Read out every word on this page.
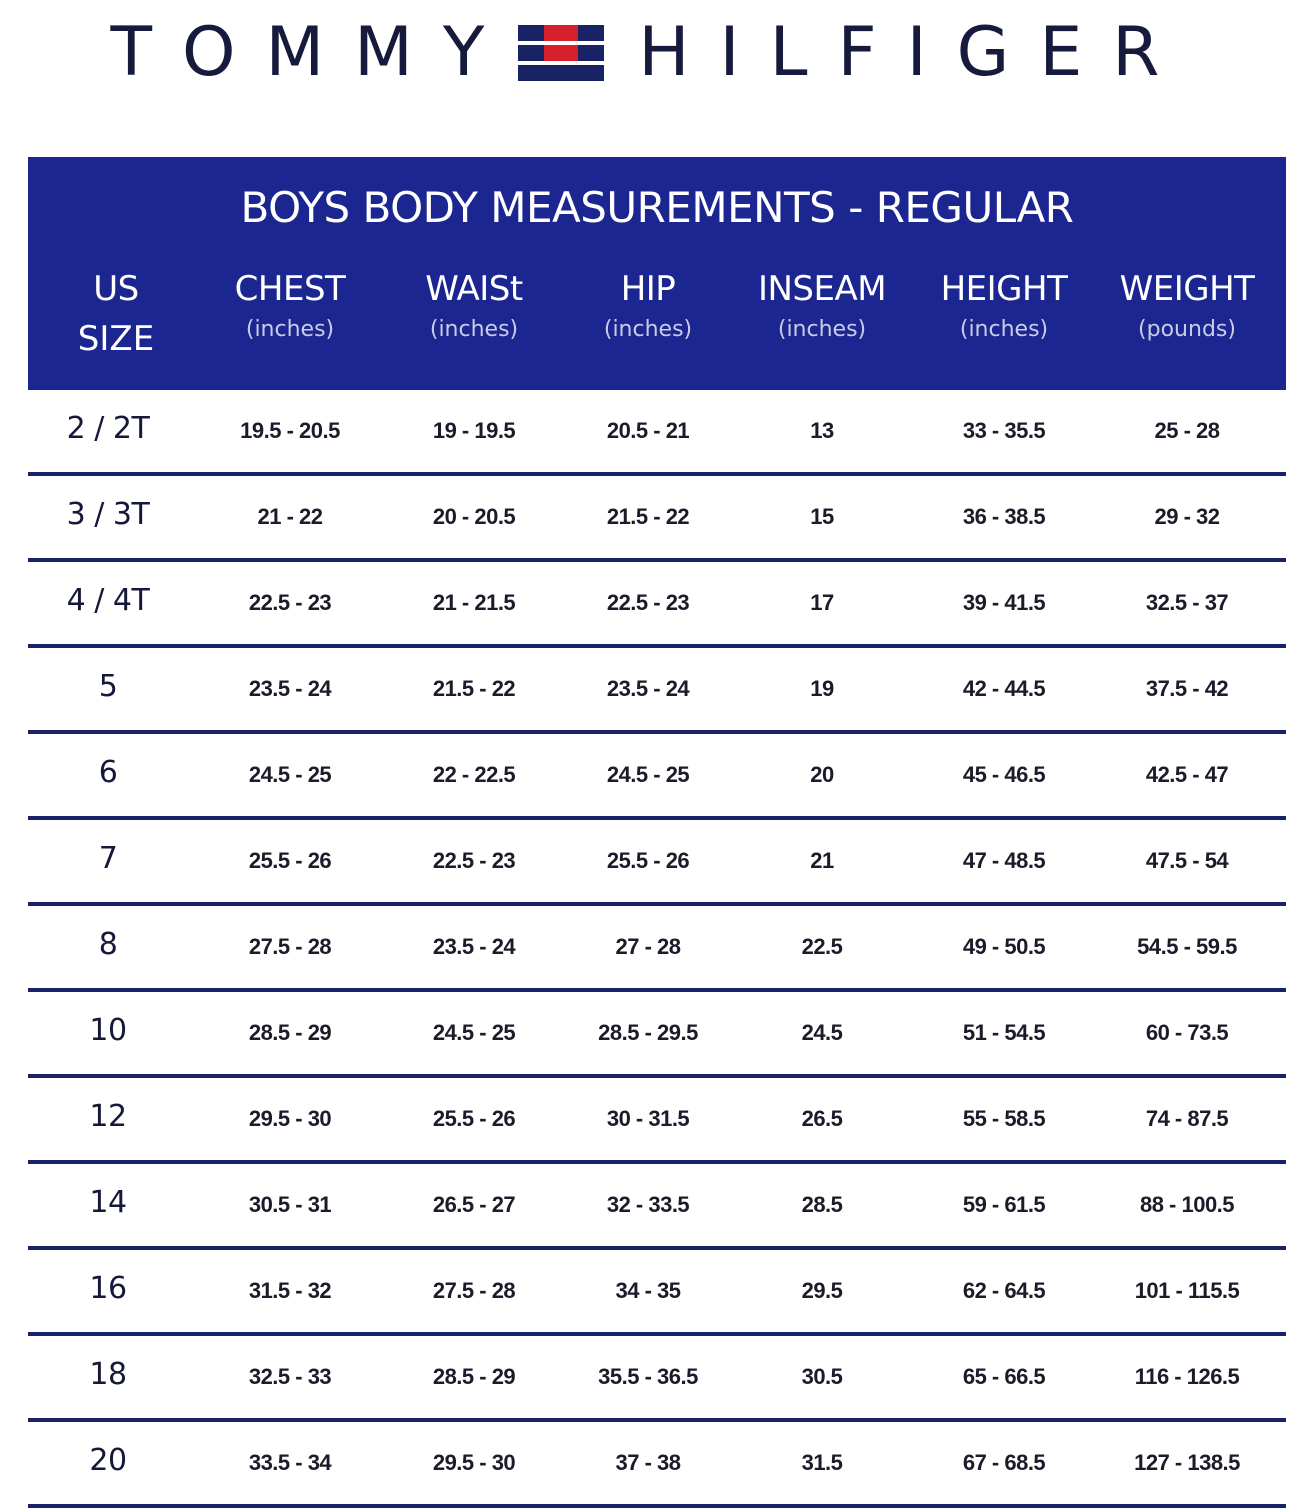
TOMMY HILFIGER
BOYS BODY MEASUREMENTS - REGULAR
US
SIZE
CHEST
(inches)
WAISt
(inches)
HIP
(inches)
INSEAM
(inches)
HEIGHT
(inches)
WEIGHT
(pounds)
2 / 2T	19.5 - 20.5	19 - 19.5	20.5 - 21	13	33 - 35.5	25 - 28
3 / 3T	21 - 22	20 - 20.5	21.5 - 22	15	36 - 38.5	29 - 32
4 / 4T	22.5 - 23	21 - 21.5	22.5 - 23	17	39 - 41.5	32.5 - 37
5	23.5 - 24	21.5 - 22	23.5 - 24	19	42 - 44.5	37.5 - 42
6	24.5 - 25	22 - 22.5	24.5 - 25	20	45 - 46.5	42.5 - 47
7	25.5 - 26	22.5 - 23	25.5 - 26	21	47 - 48.5	47.5 - 54
8	27.5 - 28	23.5 - 24	27 - 28	22.5	49 - 50.5	54.5 - 59.5
10	28.5 - 29	24.5 - 25	28.5 - 29.5	24.5	51 - 54.5	60 - 73.5
12	29.5 - 30	25.5 - 26	30 - 31.5	26.5	55 - 58.5	74 - 87.5
14	30.5 - 31	26.5 - 27	32 - 33.5	28.5	59 - 61.5	88 - 100.5
16	31.5 - 32	27.5 - 28	34 - 35	29.5	62 - 64.5	101 - 115.5
18	32.5 - 33	28.5 - 29	35.5 - 36.5	30.5	65 - 66.5	116 - 126.5
20	33.5 - 34	29.5 - 30	37 - 38	31.5	67 - 68.5	127 - 138.5
